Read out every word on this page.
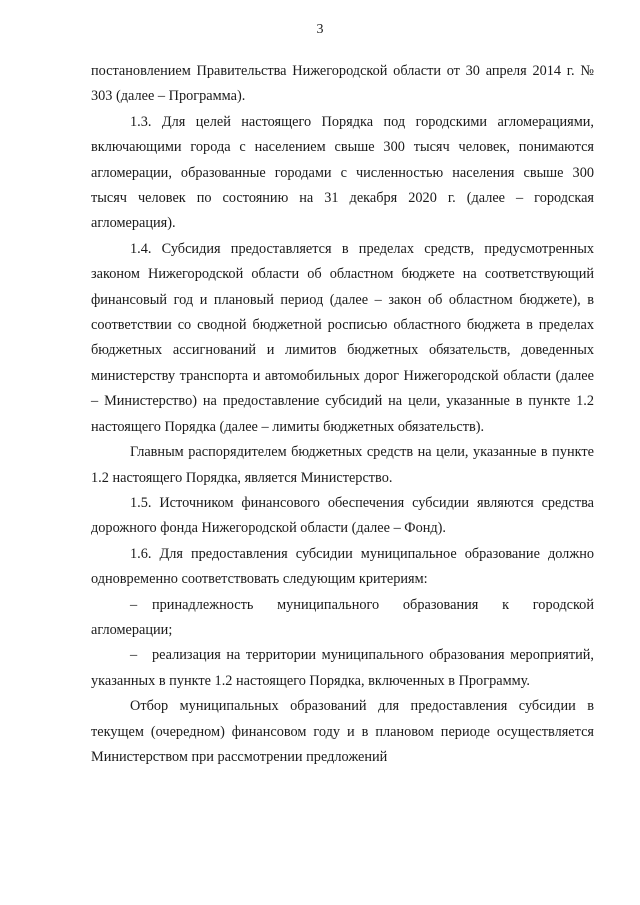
3

постановлением Правительства Нижегородской области от 30 апреля 2014 г. № 303 (далее – Программа).

1.3. Для целей настоящего Порядка под городскими агломерациями, включающими города с населением свыше 300 тысяч человек, понимаются агломерации, образованные городами с численностью населения свыше 300 тысяч человек по состоянию на 31 декабря 2020 г. (далее – городская агломерация).

1.4. Субсидия предоставляется в пределах средств, предусмотренных законом Нижегородской области об областном бюджете на соответствующий финансовый год и плановый период (далее – закон об областном бюджете), в соответствии со сводной бюджетной росписью областного бюджета в пределах бюджетных ассигнований и лимитов бюджетных обязательств, доведенных министерству транспорта и автомобильных дорог Нижегородской области (далее – Министерство) на предоставление субсидий на цели, указанные в пункте 1.2 настоящего Порядка (далее – лимиты бюджетных обязательств).

Главным распорядителем бюджетных средств на цели, указанные в пункте 1.2 настоящего Порядка, является Министерство.

1.5. Источником финансового обеспечения субсидии являются средства дорожного фонда Нижегородской области (далее – Фонд).

1.6. Для предоставления субсидии муниципальное образование должно одновременно соответствовать следующим критериям:

– принадлежность муниципального образования к городской агломерации;

– реализация на территории муниципального образования мероприятий, указанных в пункте 1.2 настоящего Порядка, включенных в Программу.

Отбор муниципальных образований для предоставления субсидии в текущем (очередном) финансовом году и в плановом периоде осуществляется Министерством при рассмотрении предложений
